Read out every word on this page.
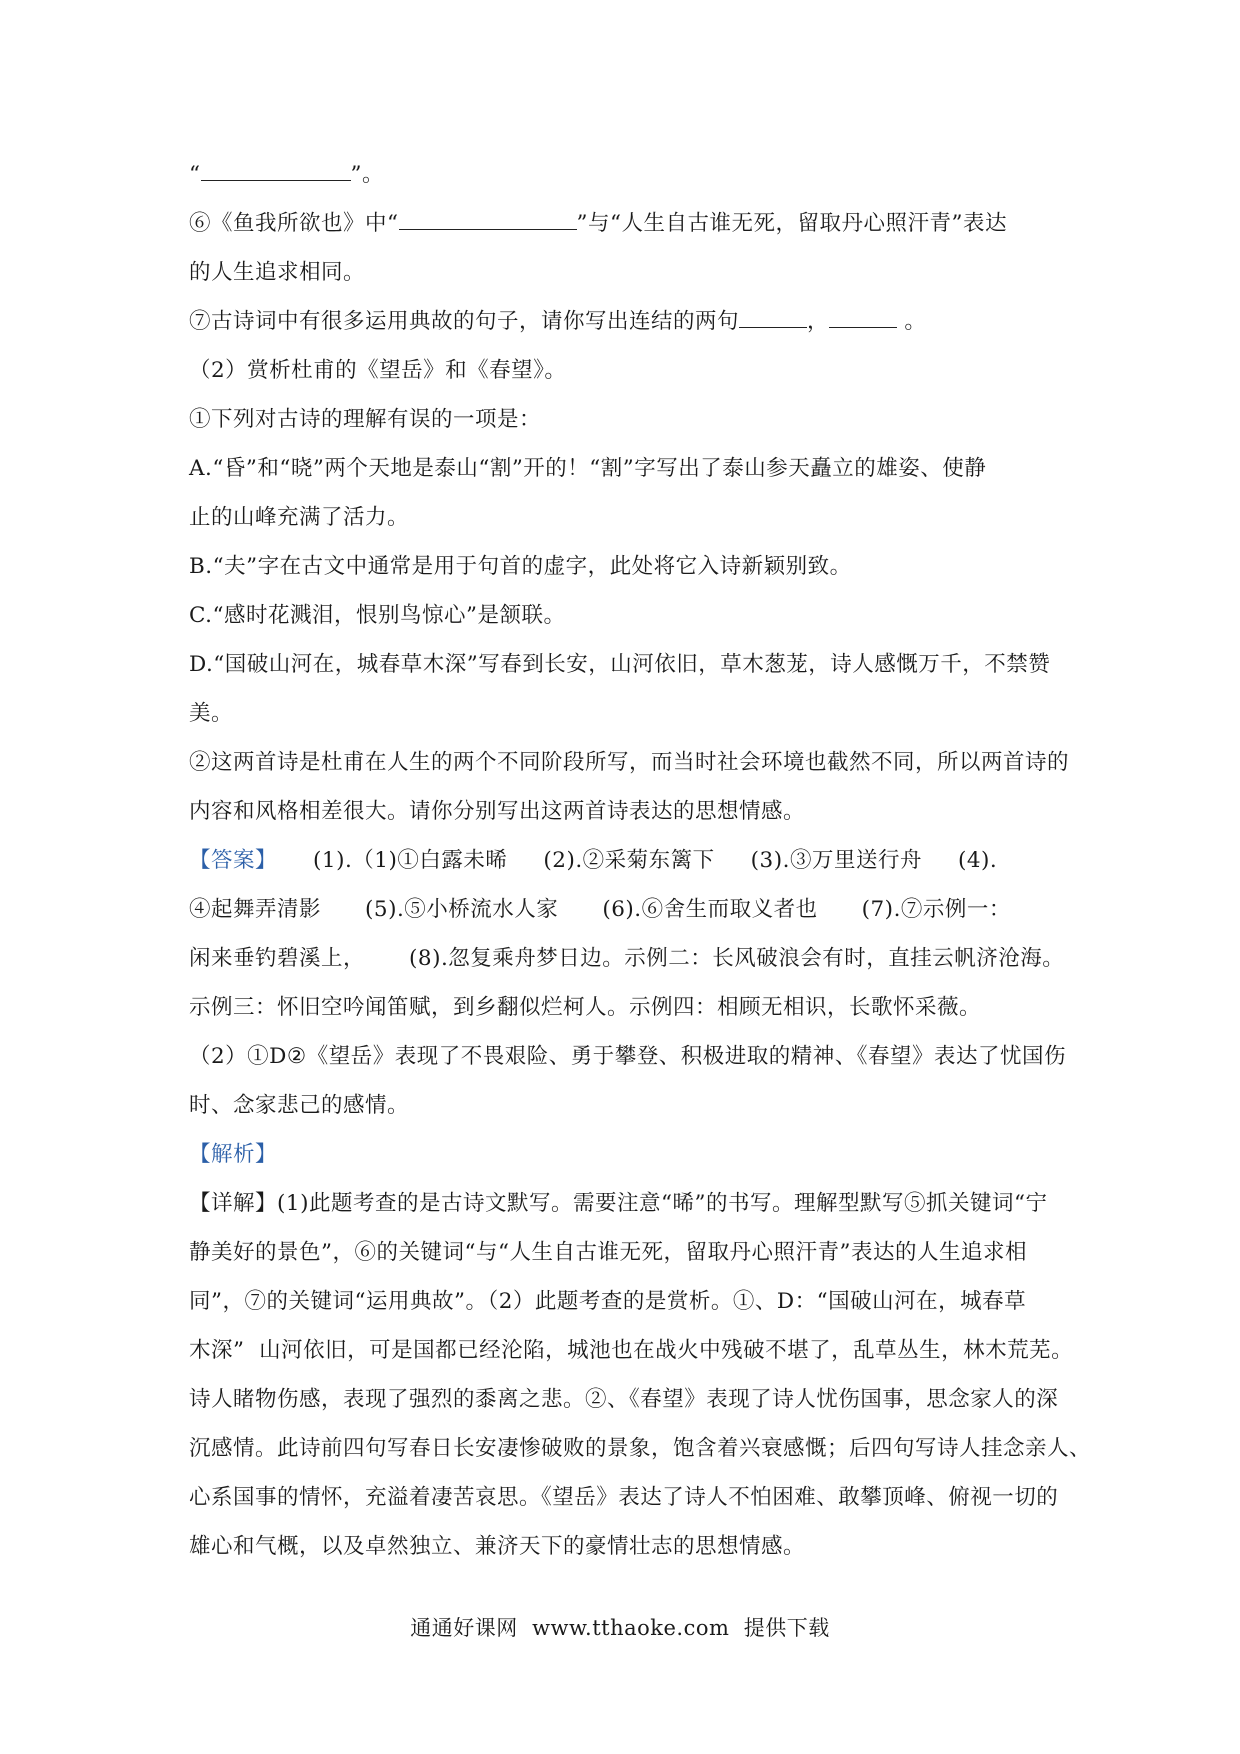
“	”。
⑥《鱼我所欲也》中“	”与“人生自古谁无死，留取丹心照汗青”表达
的人生追求相同。
⑦古诗词中有很多运用典故的句子，请你写出连结的两句	，	。
（2）赏析杜甫的《望岳》和《春望》。
①下列对古诗的理解有误的一项是：
A.“昏”和“晓”两个天地是泰山“割”开的！“割”字写出了泰山参天矗立的雄姿、使静
止的山峰充满了活力。
B.“夫”字在古文中通常是用于句首的虚字，此处将它入诗新颖别致。
C.“感时花溅泪，恨别鸟惊心”是颔联。
D.“国破山河在，城春草木深”写春到长安，山河依旧，草木葱茏，诗人感慨万千，不禁赞
美。
②这两首诗是杜甫在人生的两个不同阶段所写，而当时社会环境也截然不同，所以两首诗的
内容和风格相差很大。请你分别写出这两首诗表达的思想情感。
【答案】 (1).（1)①白露未晞 (2).②采菊东篱下 (3).③万里送行舟 (4).
④起舞弄清影 (5).⑤小桥流水人家 (6).⑥舍生而取义者也 (7).⑦示例一：
闲来垂钓碧溪上， (8).忽复乘舟梦日边。示例二：长风破浪会有时，直挂云帆济沧海。
示例三：怀旧空吟闻笛赋，到乡翻似烂柯人。示例四：相顾无相识，长歌怀采薇。
（2）①D②《望岳》表现了不畏艰险、勇于攀登、积极进取的精神、《春望》表达了忧国伤
时、念家悲己的感情。
【解析】
【详解】(1)此题考查的是古诗文默写。需要注意“晞”的书写。理解型默写⑤抓关键词“宁
静美好的景色”，⑥的关键词“与“人生自古谁无死，留取丹心照汗青”表达的人生追求相
同”，⑦的关键词“运用典故”。（2）此题考查的是赏析。①、D：“国破山河在，城春草
木深”  山河依旧，可是国都已经沦陷，城池也在战火中残破不堪了，乱草丛生，林木荒芜。
诗人睹物伤感，表现了强烈的黍离之悲。②、《春望》表现了诗人忧伤国事，思念家人的深
沉感情。此诗前四句写春日长安凄惨破败的景象，饱含着兴衰感慨；后四句写诗人挂念亲人、
心系国事的情怀，充溢着凄苦哀思。《望岳》表达了诗人不怕困难、敢攀顶峰、俯视一切的
雄心和气概，以及卓然独立、兼济天下的豪情壮志的思想情感。
通通好课网  www.tthaoke.com  提供下载
